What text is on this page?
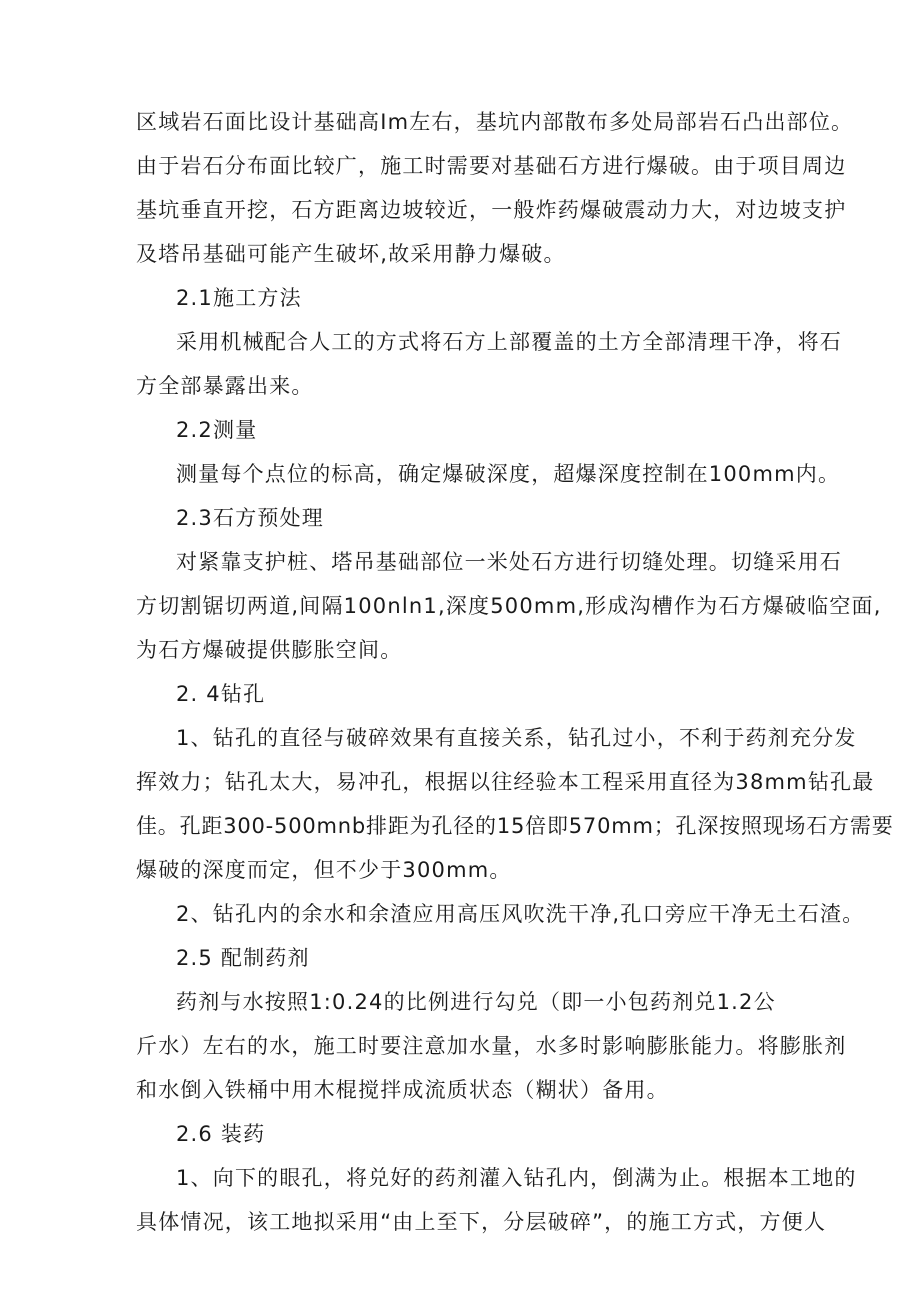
区域岩石面比设计基础高Im左右，基坑内部散布多处局部岩石凸出部位。
由于岩石分布面比较广，施工时需要对基础石方进行爆破。由于项目周边
基坑垂直开挖，石方距离边坡较近，一般炸药爆破震动力大，对边坡支护
及塔吊基础可能产生破坏,故采用静力爆破。
2.1施工方法
采用机械配合人工的方式将石方上部覆盖的土方全部清理干净，将石
方全部暴露出来。
2.2测量
测量每个点位的标高，确定爆破深度，超爆深度控制在100mm内。
2.3石方预处理
对紧靠支护桩、塔吊基础部位一米处石方进行切缝处理。切缝采用石
方切割锯切两道,间隔100nln1,深度500mm,形成沟槽作为石方爆破临空面,
为石方爆破提供膨胀空间。
2. 4钻孔
1、钻孔的直径与破碎效果有直接关系，钻孔过小，不利于药剂充分发
挥效力；钻孔太大，易冲孔，根据以往经验本工程采用直径为38mm钻孔最
佳。孔距300-500mnb排距为孔径的15倍即570mm；孔深按照现场石方需要
爆破的深度而定，但不少于300mm。
2、钻孔内的余水和余渣应用高压风吹洗干净,孔口旁应干净无土石渣。
2.5 配制药剂
药剂与水按照1:0.24的比例进行勾兑（即一小包药剂兑1.2公
斤水）左右的水，施工时要注意加水量，水多时影响膨胀能力。将膨胀剂
和水倒入铁桶中用木棍搅拌成流质状态（糊状）备用。
2.6 装药
1、向下的眼孔，将兑好的药剂灌入钻孔内，倒满为止。根据本工地的
具体情况，该工地拟采用“由上至下，分层破碎”，的施工方式，方便人
